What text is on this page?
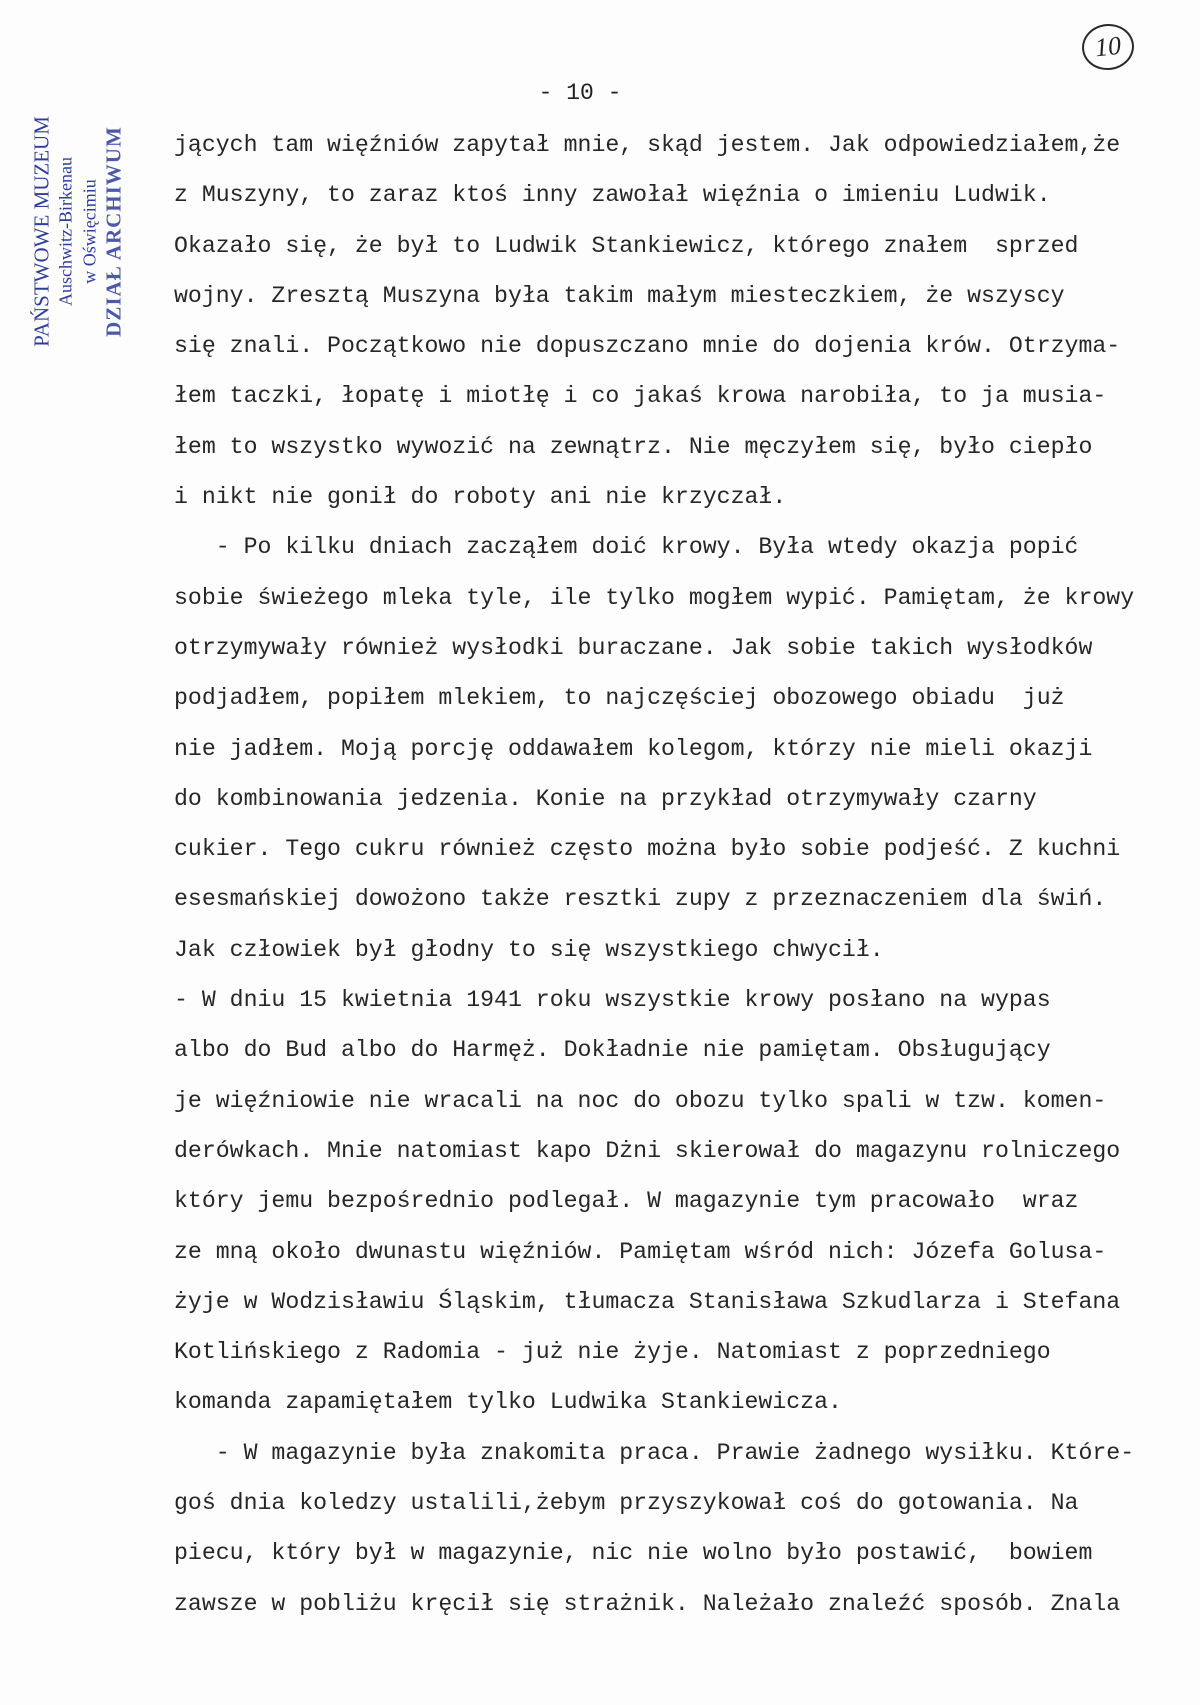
PAŃSTWOWE MUZEUM Auschwitz-Birkenau w Oświęcimiu DZIAŁ ARCHIWUM
10
- 10 -
jących tam więźniów zapytał mnie, skąd jestem. Jak odpowiedziałem,że
z Muszyny, to zaraz ktoś inny zawołał więźnia o imieniu Ludwik.
Okazało się, że był to Ludwik Stankiewicz, którego znałem  sprzed
wojny. Zresztą Muszyna była takim małym miesteczkiem, że wszyscy
się znali. Początkowo nie dopuszczano mnie do dojenia krów. Otrzyma-
łem taczki, łopatę i miotłę i co jakaś krowa narobiła, to ja musia-
łem to wszystko wywozić na zewnątrz. Nie męczyłem się, było ciepło
i nikt nie gonił do roboty ani nie krzyczał.
- Po kilku dniach zacząłem doić krowy. Była wtedy okazja popić
sobie świeżego mleka tyle, ile tylko mogłem wypić. Pamiętam, że krowy
otrzymywały również wysłodki buraczane. Jak sobie takich wysłodków
podjadłem, popiłem mlekiem, to najczęściej obozowego obiadu  już
nie jadłem. Moją porcję oddawałem kolegom, którzy nie mieli okazji
do kombinowania jedzenia. Konie na przykład otrzymywały czarny
cukier. Tego cukru również często można było sobie podjeść. Z kuchni
esesmańskiej dowożono także resztki zupy z przeznaczeniem dla świń.
Jak człowiek był głodny to się wszystkiego chwycił.
- W dniu 15 kwietnia 1941 roku wszystkie krowy posłano na wypas
albo do Bud albo do Harmęż. Dokładnie nie pamiętam. Obsługujący
je więźniowie nie wracali na noc do obozu tylko spali w tzw. komen-
derówkach. Mnie natomiast kapo Dżni skierował do magazynu rolniczego
który jemu bezpośrednio podlegał. W magazynie tym pracowało  wraz
ze mną około dwunastu więźniów. Pamiętam wśród nich: Józefa Golusa-
żyje w Wodzisławiu Śląskim, tłumacza Stanisława Szkudlarza i Stefana
Kotlińskiego z Radomia - już nie żyje. Natomiast z poprzedniego
komanda zapamiętałem tylko Ludwika Stankiewicza.
- W magazynie była znakomita praca. Prawie żadnego wysiłku. Które-
goś dnia koledzy ustalili,żebym przyszykował coś do gotowania. Na
piecu, który był w magazynie, nic nie wolno było postawić,  bowiem
zawsze w pobliżu kręcił się strażnik. Należało znaleźć sposób. Znala
